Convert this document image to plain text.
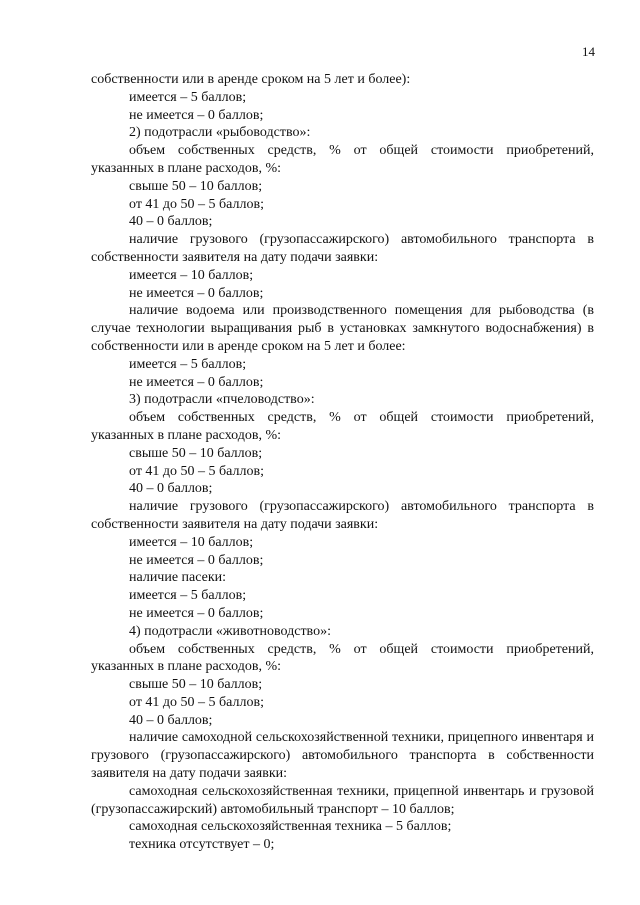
14

собственности или в аренде сроком на 5 лет и более):

имеется – 5 баллов;

не имеется – 0 баллов;

2) подотрасли «рыбоводство»:

объем собственных средств, % от общей стоимости приобретений, указанных в плане расходов, %:

свыше 50 – 10 баллов;

от 41 до 50 – 5 баллов;

40 – 0 баллов;

наличие грузового (грузопассажирского) автомобильного транспорта в собственности заявителя на дату подачи заявки:

имеется – 10 баллов;

не имеется – 0 баллов;

наличие водоема или производственного помещения для рыбоводства (в случае технологии выращивания рыб в установках замкнутого водоснабжения) в собственности или в аренде сроком на 5 лет и более:

имеется – 5 баллов;

не имеется – 0 баллов;

3) подотрасли «пчеловодство»:

объем собственных средств, % от общей стоимости приобретений, указанных в плане расходов, %:

свыше 50 – 10 баллов;

от 41 до 50 – 5 баллов;

40 – 0 баллов;

наличие грузового (грузопассажирского) автомобильного транспорта в собственности заявителя на дату подачи заявки:

имеется – 10 баллов;

не имеется – 0 баллов;

наличие пасеки:

имеется – 5 баллов;

не имеется – 0 баллов;

4) подотрасли «животноводство»:

объем собственных средств, % от общей стоимости приобретений, указанных в плане расходов, %:

свыше 50 – 10 баллов;

от 41 до 50 – 5 баллов;

40 – 0 баллов;

наличие самоходной сельскохозяйственной техники, прицепного инвентаря и грузового (грузопассажирского) автомобильного транспорта в собственности заявителя на дату подачи заявки:

самоходная сельскохозяйственная техники, прицепной инвентарь и грузовой (грузопассажирский) автомобильный транспорт – 10 баллов;

самоходная сельскохозяйственная техника – 5 баллов;

техника отсутствует – 0;
